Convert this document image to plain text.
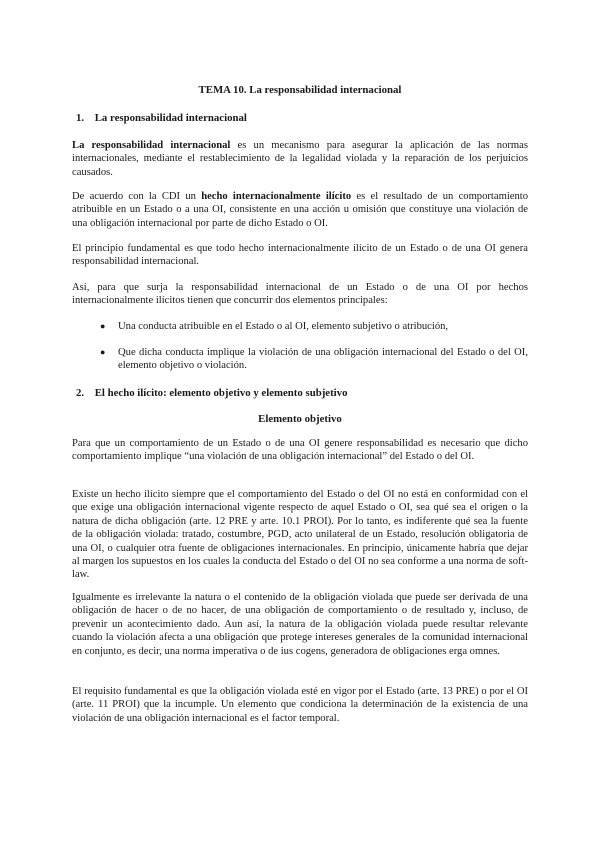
TEMA 10. La responsabilidad internacional
1. La responsabilidad internacional

La responsabilidad internacional es un mecanismo para asegurar la aplicación de las normas internacionales, mediante el restablecimiento de la legalidad violada y la reparación de los perjuicios causados.

De acuerdo con la CDI un hecho internacionalmente ilícito es el resultado de un comportamiento atribuible en un Estado o a una OI, consistente en una acción u omisión que constituye una violación de una obligación internacional por parte de dicho Estado o OI.

El principio fundamental es que todo hecho internacionalmente ilícito de un Estado o de una OI genera responsabilidad internacional.

Así, para que surja la responsabilidad internacional de un Estado o de una OI por hechos internacionalmente ilícitos tienen que concurrir dos elementos principales:

● Una conducta atribuible en el Estado o al OI, elemento subjetivo o atribución,

● Que dicha conducta implique la violación de una obligación internacional del Estado o del OI, elemento objetivo o violación.

2. El hecho ilícito: elemento objetivo y elemento subjetivo
Elemento objetivo

Para que un comportamiento de un Estado o de una OI genere responsabilidad es necesario que dicho comportamiento implique “una violación de una obligación internacional” del Estado o del OI.

Existe un hecho ilícito siempre que el comportamiento del Estado o del OI no está en conformidad con el que exige una obligación internacional vigente respecto de aquel Estado o OI, sea qué sea el origen o la natura de dicha obligación (arte. 12 PRE y arte. 10.1 PROI). Por lo tanto, es indiferente qué sea la fuente de la obligación violada: tratado, costumbre, PGD, acto unilateral de un Estado, resolución obligatoria de una OI, o cualquier otra fuente de obligaciones internacionales. En principio, únicamente habría que dejar al margen los supuestos en los cuales la conducta del Estado o del OI no sea conforme a una norma de soft-law.

Igualmente es irrelevante la natura o el contenido de la obligación violada que puede ser derivada de una obligación de hacer o de no hacer, de una obligación de comportamiento o de resultado y, incluso, de prevenir un acontecimiento dado. Aun así, la natura de la obligación violada puede resultar relevante cuando la violación afecta a una obligación que protege intereses generales de la comunidad internacional en conjunto, es decir, una norma imperativa o de ius cogens, generadora de obligaciones erga omnes.

El requisito fundamental es que la obligación violada esté en vigor por el Estado (arte. 13 PRE) o por el OI (arte. 11 PROI) que la incumple. Un elemento que condiciona la determinación de la existencia de una violación de una obligación internacional es el factor temporal.
